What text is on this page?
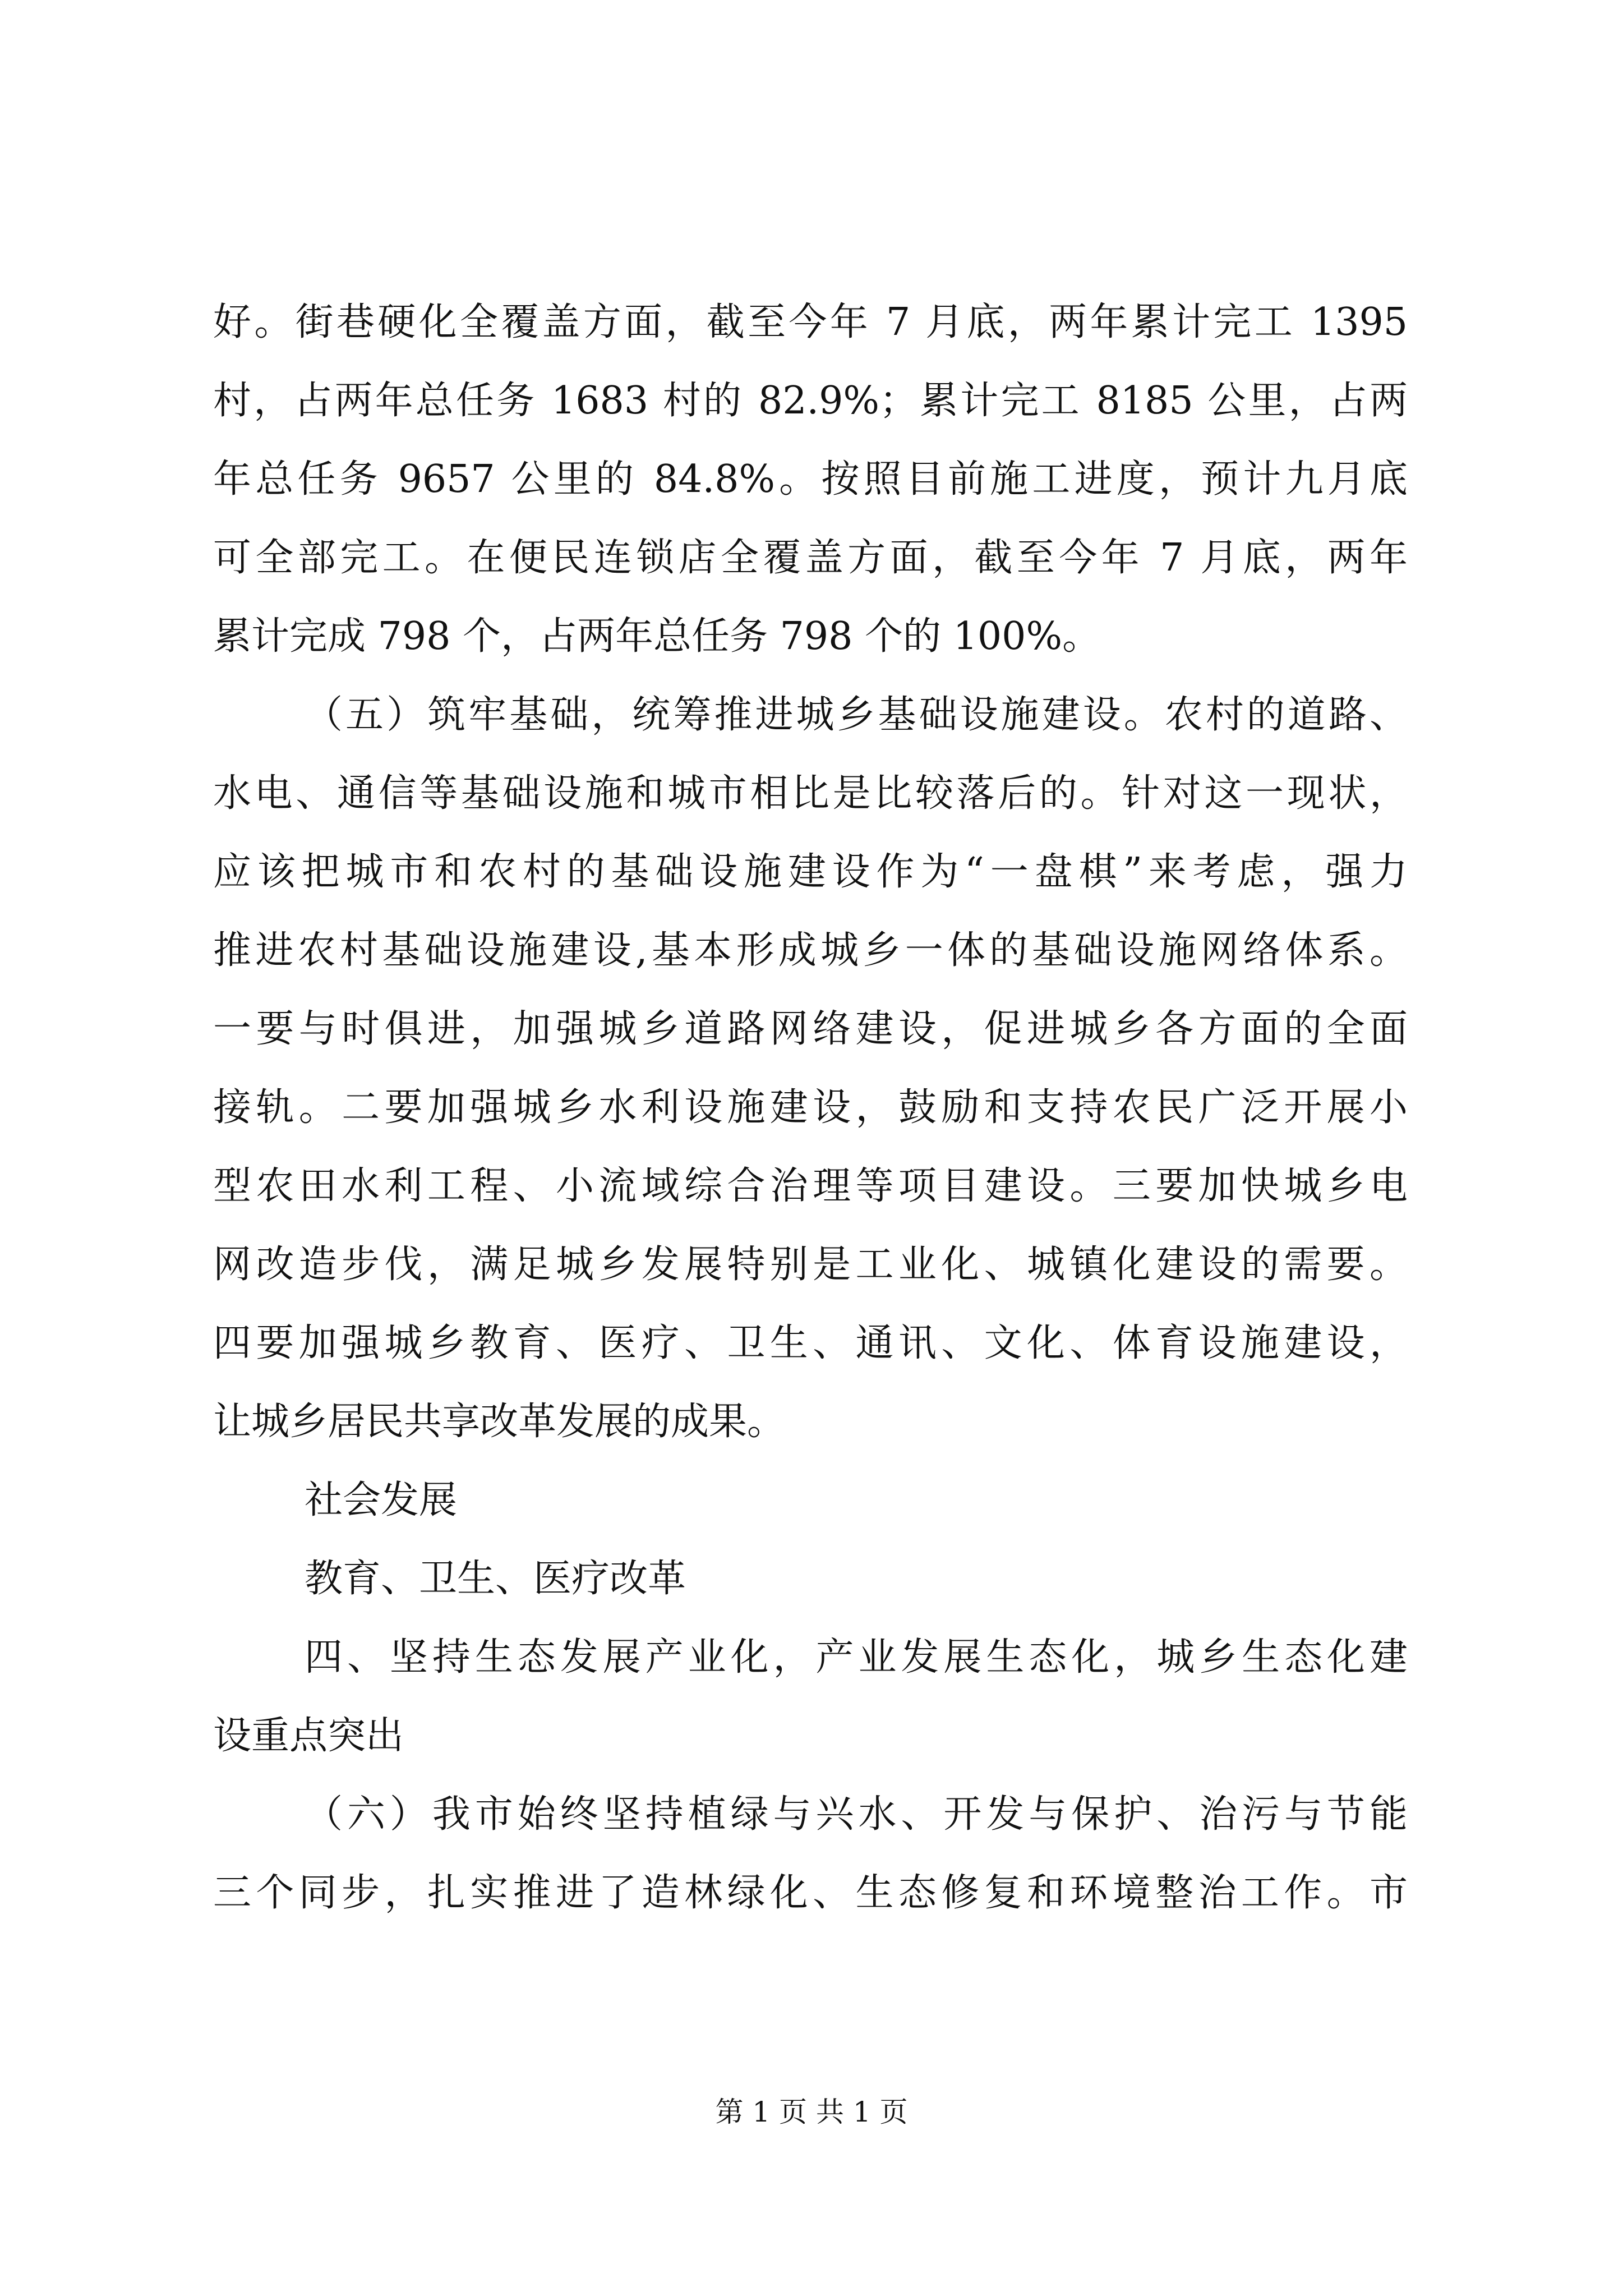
好。街巷硬化全覆盖方面，截至今年 7 月底，两年累计完工 1395
村，占两年总任务 1683 村的 82.9%；累计完工 8185 公里，占两
年总任务 9657 公里的 84.8%。按照目前施工进度，预计九月底
可全部完工。在便民连锁店全覆盖方面，截至今年 7 月底，两年
累计完成 798 个，占两年总任务 798 个的 100%。
（五）筑牢基础，统筹推进城乡基础设施建设。农村的道路、
水电、通信等基础设施和城市相比是比较落后的。针对这一现状，
应该把城市和农村的基础设施建设作为“一盘棋”来考虑，强力
推进农村基础设施建设,基本形成城乡一体的基础设施网络体系。
一要与时俱进，加强城乡道路网络建设，促进城乡各方面的全面
接轨。二要加强城乡水利设施建设，鼓励和支持农民广泛开展小
型农田水利工程、小流域综合治理等项目建设。三要加快城乡电
网改造步伐，满足城乡发展特别是工业化、城镇化建设的需要。
四要加强城乡教育、医疗、卫生、通讯、文化、体育设施建设，
让城乡居民共享改革发展的成果。
社会发展
教育、卫生、医疗改革
四、坚持生态发展产业化，产业发展生态化，城乡生态化建
设重点突出
（六）我市始终坚持植绿与兴水、开发与保护、治污与节能
三个同步，扎实推进了造林绿化、生态修复和环境整治工作。市
第 1 页 共 1 页
